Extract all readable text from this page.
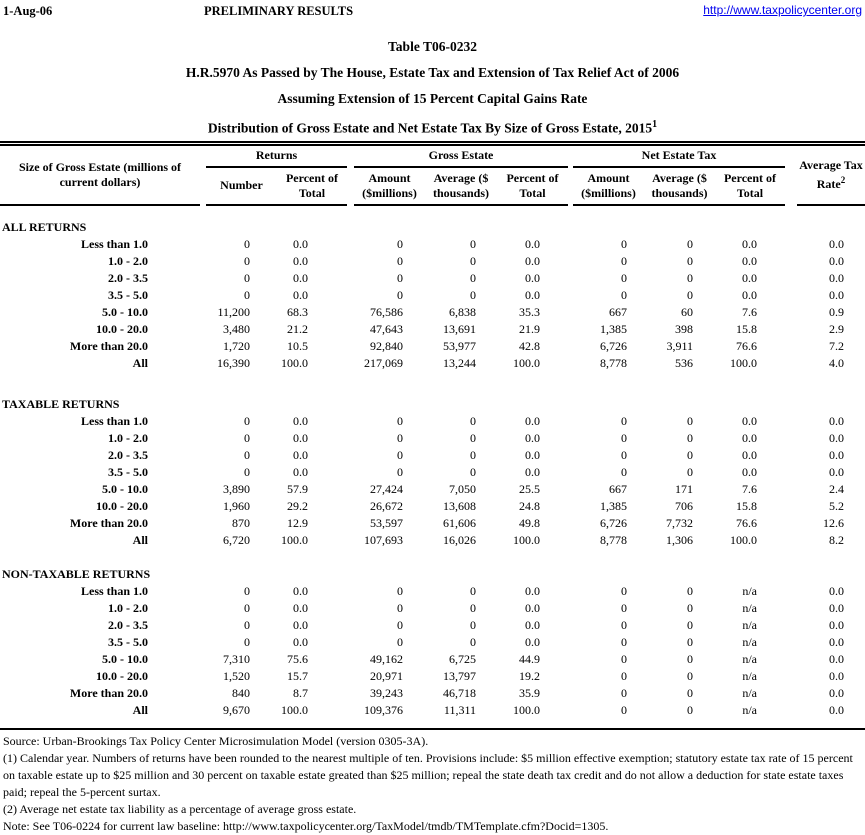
1-Aug-06	PRELIMINARY RESULTS	http://www.taxpolicycenter.org
Table T06-0232
H.R.5970 As Passed by The House, Estate Tax and Extension of Tax Relief Act of 2006
Assuming Extension of 15 Percent Capital Gains Rate
Distribution of Gross Estate and Net Estate Tax By Size of Gross Estate, 2015$^1$
Size of Gross Estate (millions of current dollars)		Returns			Gross Estate				Net Estate Tax				Average Tax Rate$^2$
		Number	Percent of Total		Amount ($millions)	Average ($ thousands)	Percent of Total		Amount ($millions)	Average ($ thousands)	Percent of Total		

ALL RETURNS													
Less than 1.0		0	0.0		0	0	0.0		0	0	0.0		0.0
1.0 - 2.0		0	0.0		0	0	0.0		0	0	0.0		0.0
2.0 - 3.5		0	0.0		0	0	0.0		0	0	0.0		0.0
3.5 - 5.0		0	0.0		0	0	0.0		0	0	0.0		0.0
5.0 - 10.0		11,200	68.3		76,586	6,838	35.3		667	60	7.6		0.9
10.0 - 20.0		3,480	21.2		47,643	13,691	21.9		1,385	398	15.8		2.9
More than 20.0		1,720	10.5		92,840	53,977	42.8		6,726	3,911	76.6		7.2
All		16,390	100.0		217,069	13,244	100.0		8,778	536	100.0		4.0

TAXABLE RETURNS													
Less than 1.0		0	0.0		0	0	0.0		0	0	0.0		0.0
1.0 - 2.0		0	0.0		0	0	0.0		0	0	0.0		0.0
2.0 - 3.5		0	0.0		0	0	0.0		0	0	0.0		0.0
3.5 - 5.0		0	0.0		0	0	0.0		0	0	0.0		0.0
5.0 - 10.0		3,890	57.9		27,424	7,050	25.5		667	171	7.6		2.4
10.0 - 20.0		1,960	29.2		26,672	13,608	24.8		1,385	706	15.8		5.2
More than 20.0		870	12.9		53,597	61,606	49.8		6,726	7,732	76.6		12.6
All		6,720	100.0		107,693	16,026	100.0		8,778	1,306	100.0		8.2

NON-TAXABLE RETURNS													
Less than 1.0		0	0.0		0	0	0.0		0	0	n/a		0.0
1.0 - 2.0		0	0.0		0	0	0.0		0	0	n/a		0.0
2.0 - 3.5		0	0.0		0	0	0.0		0	0	n/a		0.0
3.5 - 5.0		0	0.0		0	0	0.0		0	0	n/a		0.0
5.0 - 10.0		7,310	75.6		49,162	6,725	44.9		0	0	n/a		0.0
10.0 - 20.0		1,520	15.7		20,971	13,797	19.2		0	0	n/a		0.0
More than 20.0		840	8.7		39,243	46,718	35.9		0	0	n/a		0.0
All		9,670	100.0		109,376	11,311	100.0		0	0	n/a		0.0

Source: Urban-Brookings Tax Policy Center Microsimulation Model (version 0305-3A).
(1) Calendar year. Numbers of returns have been rounded to the nearest multiple of ten. Provisions include: $5 million effective exemption; statutory estate tax rate of 15 percent on taxable estate up to $25 million and 30 percent on taxable estate greated than $25 million; repeal the state death tax credit and do not allow a deduction for state estate taxes paid; repeal the 5-percent surtax.
(2) Average net estate tax liability as a percentage of average gross estate.
Note: See T06-0224 for current law baseline: http://www.taxpolicycenter.org/TaxModel/tmdb/TMTemplate.cfm?Docid=1305.
